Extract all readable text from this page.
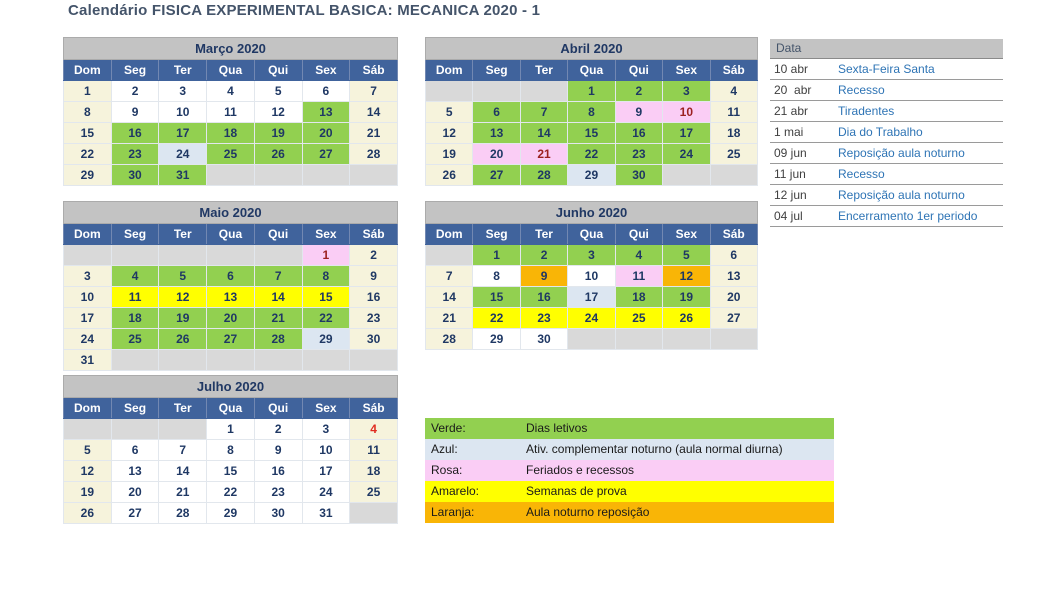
Calendário FISICA EXPERIMENTAL BASICA: MECANICA 2020 - 1
Março 2020						
Dom	Seg	Ter	Qua	Qui	Sex	Sáb
1	2	3	4	5	6	7
8	9	10	11	12	13	14
15	16	17	18	19	20	21
22	23	24	25	26	27	28
29	30	31				
Abril 2020						
Dom	Seg	Ter	Qua	Qui	Sex	Sáb
			1	2	3	4
5	6	7	8	9	10	11
12	13	14	15	16	17	18
19	20	21	22	23	24	25
26	27	28	29	30		
Maio 2020						
Dom	Seg	Ter	Qua	Qui	Sex	Sáb
					1	2
3	4	5	6	7	8	9
10	11	12	13	14	15	16
17	18	19	20	21	22	23
24	25	26	27	28	29	30
31						
Junho 2020						
Dom	Seg	Ter	Qua	Qui	Sex	Sáb
	1	2	3	4	5	6
7	8	9	10	11	12	13
14	15	16	17	18	19	20
21	22	23	24	25	26	27
28	29	30				
Julho 2020						
Dom	Seg	Ter	Qua	Qui	Sex	Sáb
			1	2	3	4
5	6	7	8	9	10	11
12	13	14	15	16	17	18
19	20	21	22	23	24	25
26	27	28	29	30	31	
Data
10 abr	Sexta-Feira Santa
20  abr	Recesso
21 abr	Tiradentes
1 mai	Dia do Trabalho
09 jun	Reposição aula noturno
11 jun	Recesso
12 jun	Reposição aula noturno
04 jul	Encerramento 1er periodo
Verde:	Dias letivos
Azul:	Ativ. complementar noturno (aula normal diurna)
Rosa:	Feriados e recessos
Amarelo:	Semanas de prova
Laranja:	Aula noturno reposição
